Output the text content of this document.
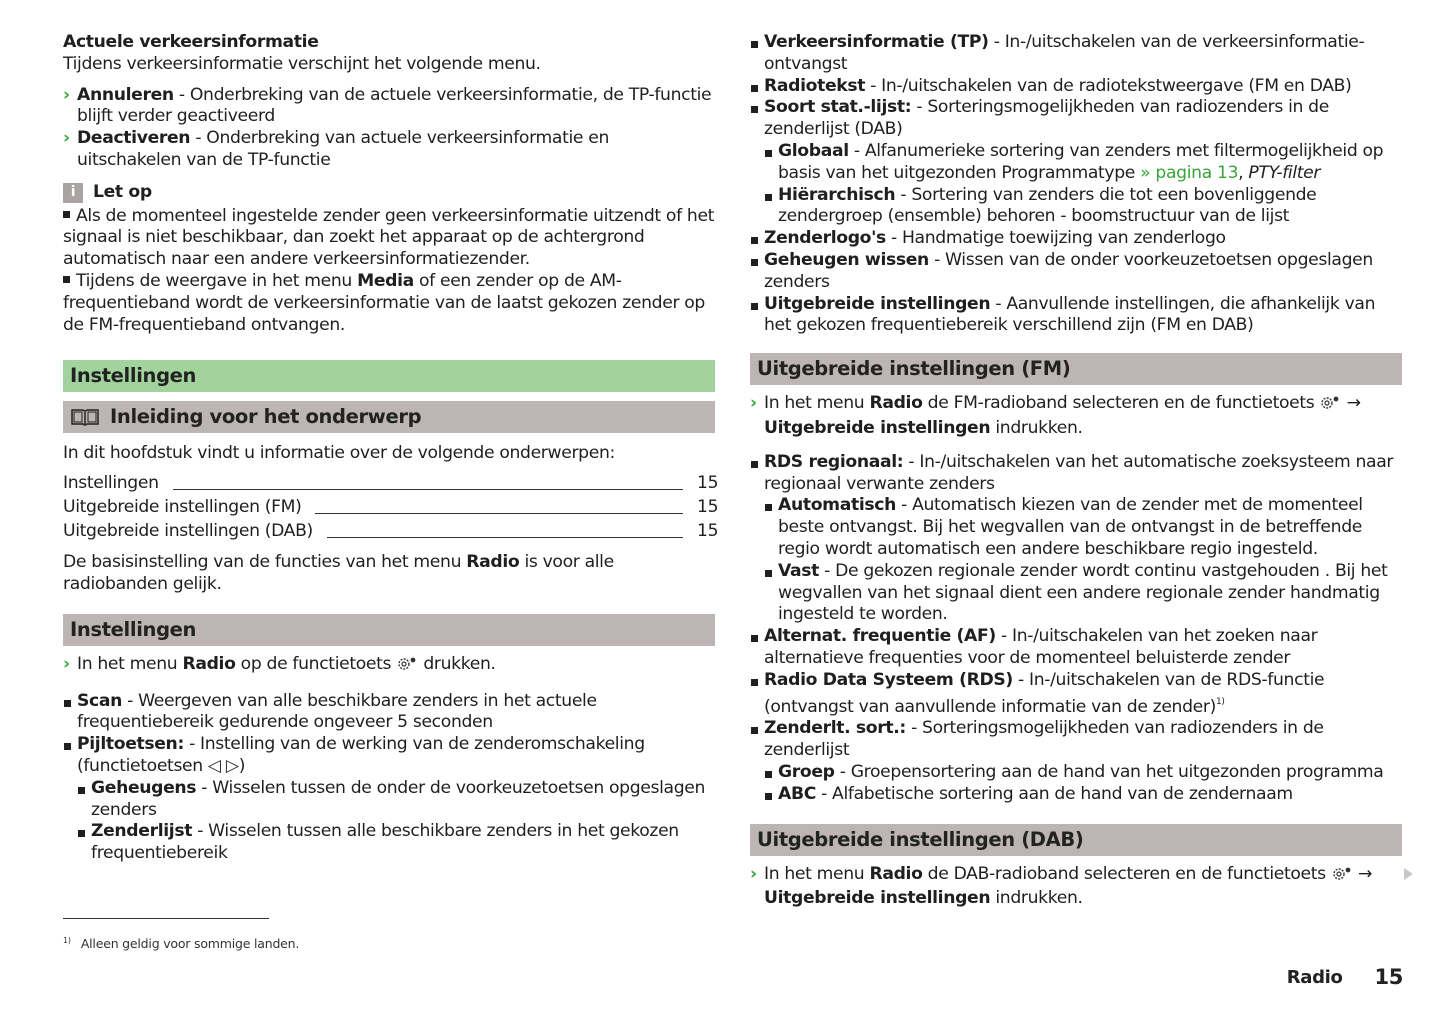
Actuele verkeersinformatie
Tijdens verkeersinformatie verschijnt het volgende menu.
› Annuleren - Onderbreking van de actuele verkeersinformatie, de TP-functie blijft verder geactiveerd
› Deactiveren - Onderbreking van actuele verkeersinformatie en uitschakelen van de TP-functie
i	Let op
Als de momenteel ingestelde zender geen verkeersinformatie uitzendt of het signaal is niet beschikbaar, dan zoekt het apparaat op de achtergrond automatisch naar een andere verkeersinformatiezender.
Tijdens de weergave in het menu Media of een zender op de AM-frequentieband wordt de verkeersinformatie van de laatst gekozen zender op de FM-frequentieband ontvangen.
Instellingen
Inleiding voor het onderwerp
In dit hoofdstuk vindt u informatie over de volgende onderwerpen:
Instellingen	15
Uitgebreide instellingen (FM)	15
Uitgebreide instellingen (DAB)	15
De basisinstelling van de functies van het menu Radio is voor alle radiobanden gelijk.
Instellingen
› In het menu Radio op de functietoets  drukken.
Scan - Weergeven van alle beschikbare zenders in het actuele frequentiebereik gedurende ongeveer 5 seconden
Pijltoetsen: - Instelling van de werking van de zenderomschakeling (functietoetsen ◁ ▷)
Geheugens - Wisselen tussen de onder de voorkeuzetoetsen opgeslagen zenders
Zenderlijst - Wisselen tussen alle beschikbare zenders in het gekozen frequentiebereik
Verkeersinformatie (TP) - In-/uitschakelen van de verkeersinformatie-ontvangst
Radiotekst - In-/uitschakelen van de radiotekstweergave (FM en DAB)
Soort stat.-lijst: - Sorteringsmogelijkheden van radiozenders in de zenderlijst (DAB)
Globaal - Alfanumerieke sortering van zenders met filtermogelijkheid op basis van het uitgezonden Programmatype » pagina 13, PTY-filter
Hiërarchisch - Sortering van zenders die tot een bovenliggende zendergroep (ensemble) behoren - boomstructuur van de lijst
Zenderlogo's - Handmatige toewijzing van zenderlogo
Geheugen wissen - Wissen van de onder voorkeuzetoetsen opgeslagen zenders
Uitgebreide instellingen - Aanvullende instellingen, die afhankelijk van het gekozen frequentiebereik verschillend zijn (FM en DAB)
Uitgebreide instellingen (FM)
› In het menu Radio de FM-radioband selecteren en de functietoets  → Uitgebreide instellingen indrukken.
RDS regionaal: - In-/uitschakelen van het automatische zoeksysteem naar regionaal verwante zenders
Automatisch - Automatisch kiezen van de zender met de momenteel beste ontvangst. Bij het wegvallen van de ontvangst in de betreffende regio wordt automatisch een andere beschikbare regio ingesteld.
Vast - De gekozen regionale zender wordt continu vastgehouden . Bij het wegvallen van het signaal dient een andere regionale zender handmatig ingesteld te worden.
Alternat. frequentie (AF) - In-/uitschakelen van het zoeken naar alternatieve frequenties voor de momenteel beluisterde zender
Radio Data Systeem (RDS) - In-/uitschakelen van de RDS-functie (ontvangst van aanvullende informatie van de zender)$^{1)}$
Zenderlt. sort.: - Sorteringsmogelijkheden van radiozenders in de zenderlijst
Groep - Groepensortering aan de hand van het uitgezonden programma
ABC - Alfabetische sortering aan de hand van de zendernaam
Uitgebreide instellingen (DAB)
› In het menu Radio de DAB-radioband selecteren en de functietoets  →
Uitgebreide instellingen indrukken.
$^{1)}$ Alleen geldig voor sommige landen.
Radio 15
